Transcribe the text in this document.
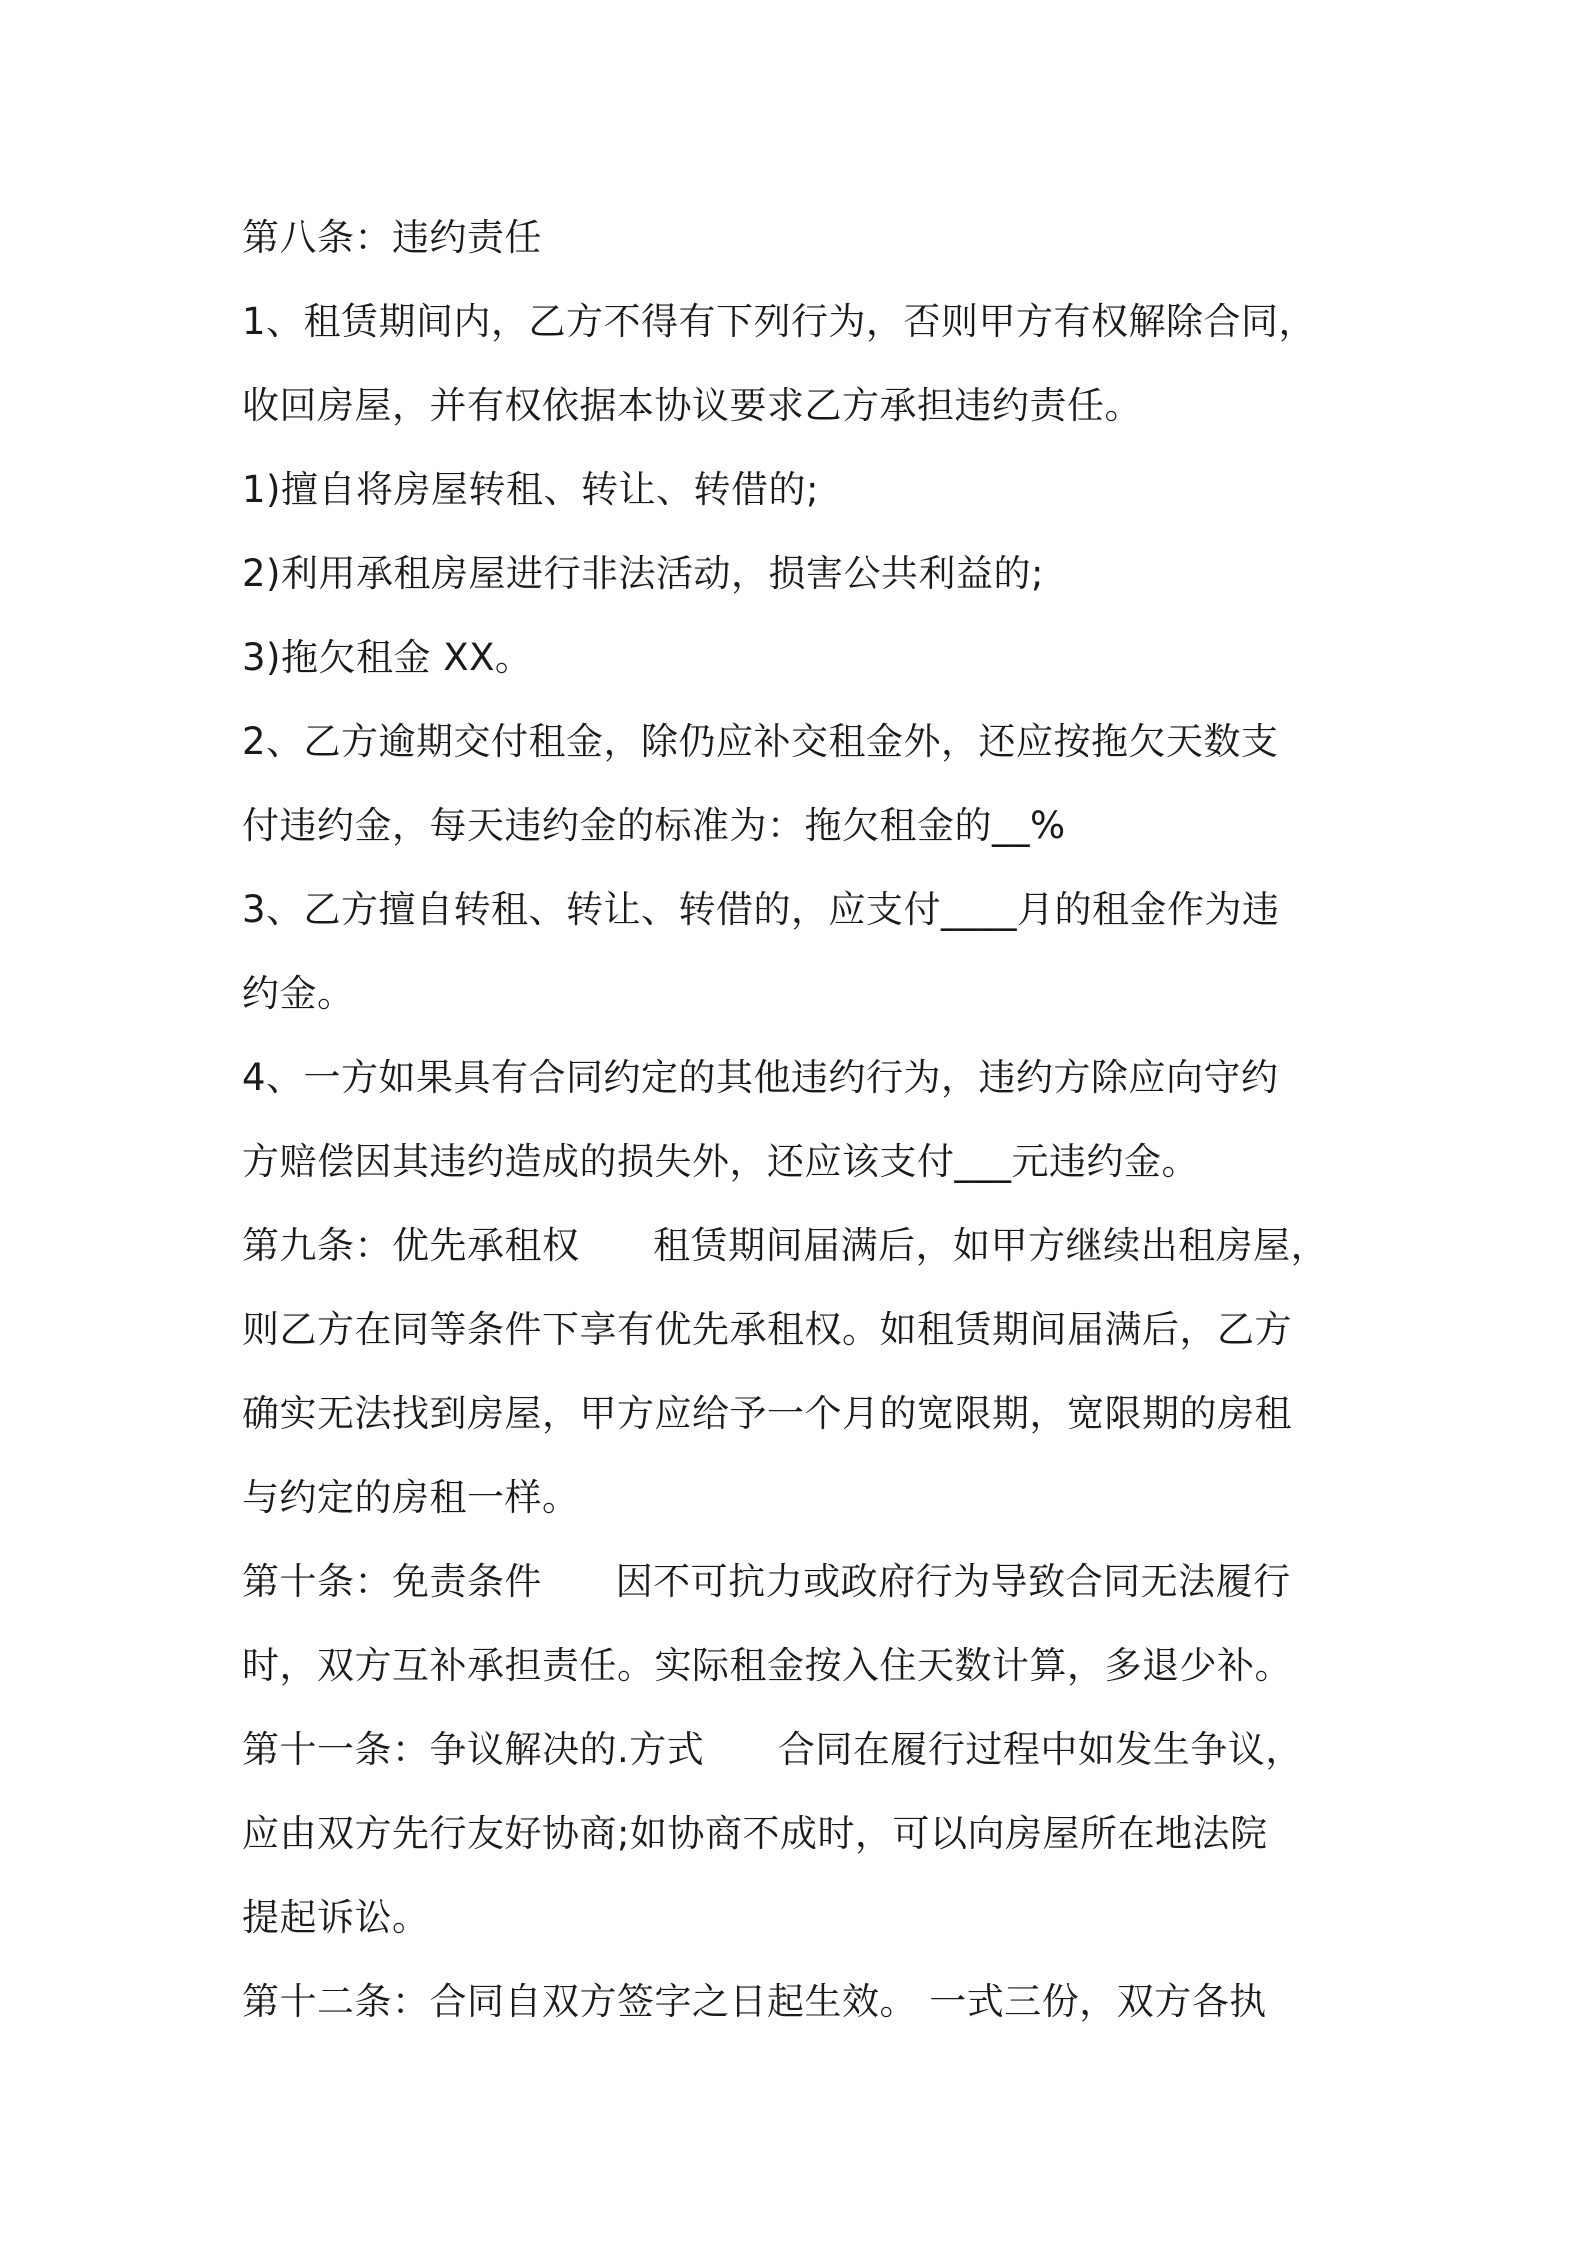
第八条：违约责任
1、租赁期间内，乙方不得有下列行为，否则甲方有权解除合同，
收回房屋，并有权依据本协议要求乙方承担违约责任。
1)擅自将房屋转租、转让、转借的;
2)利用承租房屋进行非法活动，损害公共利益的;
3)拖欠租金 XX。
2、乙方逾期交付租金，除仍应补交租金外，还应按拖欠天数支
付违约金，每天违约金的标准为：拖欠租金的__%
3、乙方擅自转租、转让、转借的，应支付____月的租金作为违
约金。
4、一方如果具有合同约定的其他违约行为，违约方除应向守约
方赔偿因其违约造成的损失外，还应该支付___元违约金。
第九条：优先承租权      租赁期间届满后，如甲方继续出租房屋，
则乙方在同等条件下享有优先承租权。如租赁期间届满后，乙方
确实无法找到房屋，甲方应给予一个月的宽限期，宽限期的房租
与约定的房租一样。
第十条：免责条件      因不可抗力或政府行为导致合同无法履行
时，双方互补承担责任。实际租金按入住天数计算，多退少补。
第十一条：争议解决的.方式      合同在履行过程中如发生争议，
应由双方先行友好协商;如协商不成时，可以向房屋所在地法院
提起诉讼。
第十二条：合同自双方签字之日起生效。 一式三份，双方各执
